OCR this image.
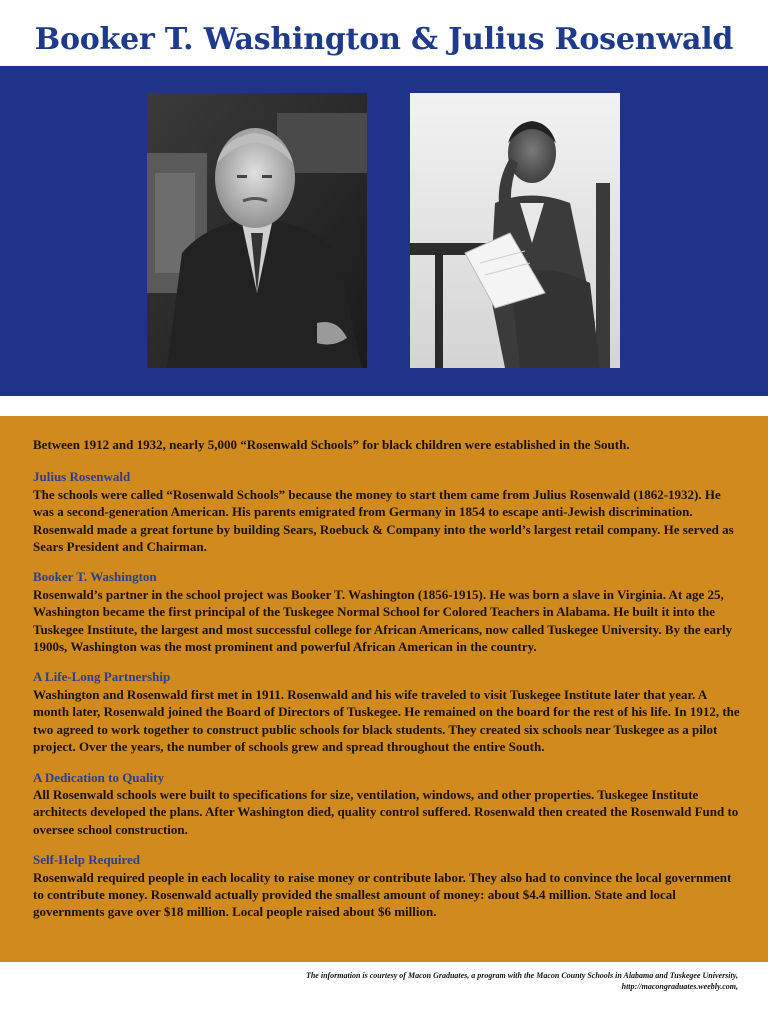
Booker T. Washington & Julius Rosenwald

Between 1912 and 1932, nearly 5,000 “Rosenwald Schools” for black children were established in the South.

Julius Rosenwald

The schools were called “Rosenwald Schools” because the money to start them came from Julius Rosenwald (1862-1932). He was a second-generation American. His parents emigrated from Germany in 1854 to escape anti-Jewish discrimination. Rosenwald made a great fortune by building Sears, Roebuck & Company into the world’s largest retail company. He served as Sears President and Chairman.

Booker T. Washington

Rosenwald’s partner in the school project was Booker T. Washington (1856-1915). He was born a slave in Virginia. At age 25, Washington became the first principal of the Tuskegee Normal School for Colored Teachers in Alabama. He built it into the Tuskegee Institute, the largest and most successful college for African Americans, now called Tuskegee University. By the early 1900s, Washington was the most prominent and powerful African American in the country.

A Life-Long Partnership

Washington and Rosenwald first met in 1911. Rosenwald and his wife traveled to visit Tuskegee Institute later that year. A month later, Rosenwald joined the Board of Directors of Tuskegee. He remained on the board for the rest of his life. In 1912, the two agreed to work together to construct public schools for black students. They created six schools near Tuskegee as a pilot project. Over the years, the number of schools grew and spread throughout the entire South.

A Dedication to Quality

All Rosenwald schools were built to specifications for size, ventilation, windows, and other properties. Tuskegee Institute architects developed the plans. After Washington died, quality control suffered. Rosenwald then created the Rosenwald Fund to oversee school construction.

Self-Help Required

Rosenwald required people in each locality to raise money or contribute labor. They also had to convince the local government to contribute money. Rosenwald actually provided the smallest amount of money: about $4.4 million. State and local governments gave over $18 million. Local people raised about $6 million.

The information is courtesy of Macon Graduates, a program with the Macon County Schools in Alabama and Tuskegee University,
http://macongraduates.weebly.com,
